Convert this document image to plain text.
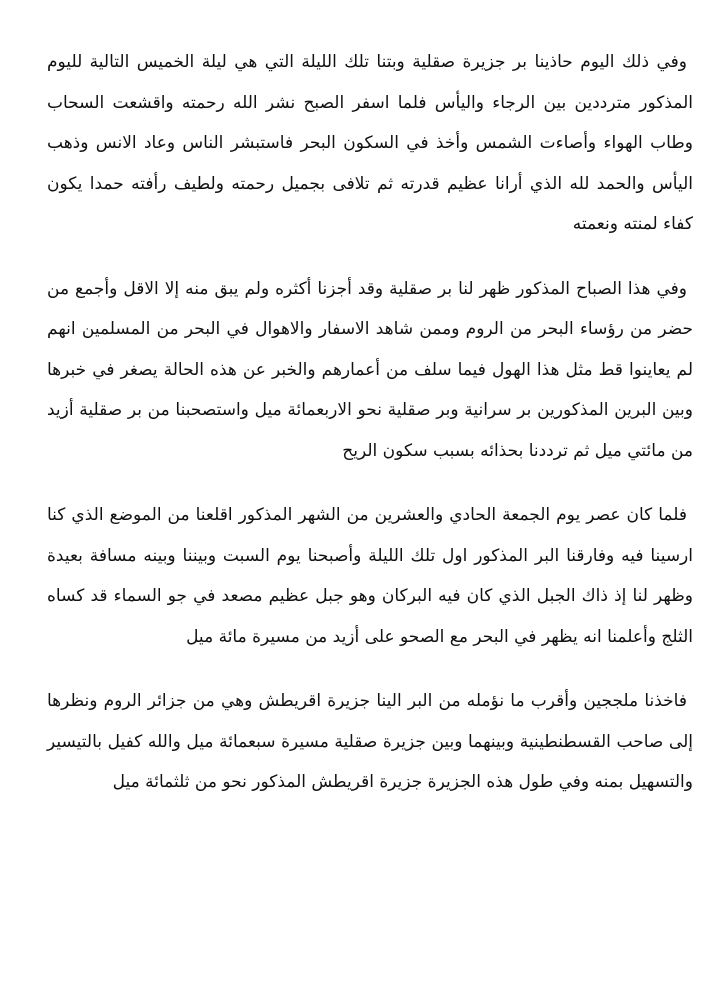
وفي ذلك اليوم حاذينا بر جزيرة صقلية وبتنا تلك الليلة التي هي ليلة الخميس التالية لليوم المذكور مترددين بين الرجاء واليأس فلما اسفر الصبح نشر الله رحمته واقشعت السحاب وطاب الهواء وأصاءت الشمس وأخذ في السكون البحر فاستبشر الناس وعاد الانس وذهب اليأس والحمد لله الذي أرانا عظيم قدرته ثم تلافى بجميل رحمته ولطيف رأفته حمدا يكون كفاء لمنته ونعمته

وفي هذا الصباح المذكور ظهر لنا بر صقلية وقد أجزنا أكثره ولم يبق منه إلا الاقل وأجمع من حضر من رؤساء البحر من الروم وممن شاهد الاسفار والاهوال في البحر من المسلمين انهم لم يعاينوا قط مثل هذا الهول فيما سلف من أعمارهم والخبر عن هذه الحالة يصغر في خبرها وبين البرين المذكورين بر سرانية وبر صقلية نحو الاربعمائة ميل واستصحبنا من بر صقلية أزيد من مائتي ميل ثم ترددنا بحذائه بسبب سكون الريح

فلما كان عصر يوم الجمعة الحادي والعشرين من الشهر المذكور اقلعنا من الموضع الذي كنا ارسينا فيه وفارقنا البر المذكور اول تلك الليلة وأصبحنا يوم السبت وبيننا وبينه مسافة بعيدة وظهر لنا إذ ذاك الجبل الذي كان فيه البركان وهو جبل عظيم مصعد في جو السماء قد كساه الثلج وأعلمنا انه يظهر في البحر مع الصحو على أزيد من مسيرة مائة ميل

فاخذنا ملججين وأقرب ما نؤمله من البر الينا جزيرة اقريطش وهي من جزائر الروم ونظرها إلى صاحب القسطنطينية وبينهما وبين جزيرة صقلية مسيرة سبعمائة ميل والله كفيل بالتيسير والتسهيل بمنه وفي طول هذه الجزيرة جزيرة اقريطش المذكور نحو من ثلثمائة ميل
